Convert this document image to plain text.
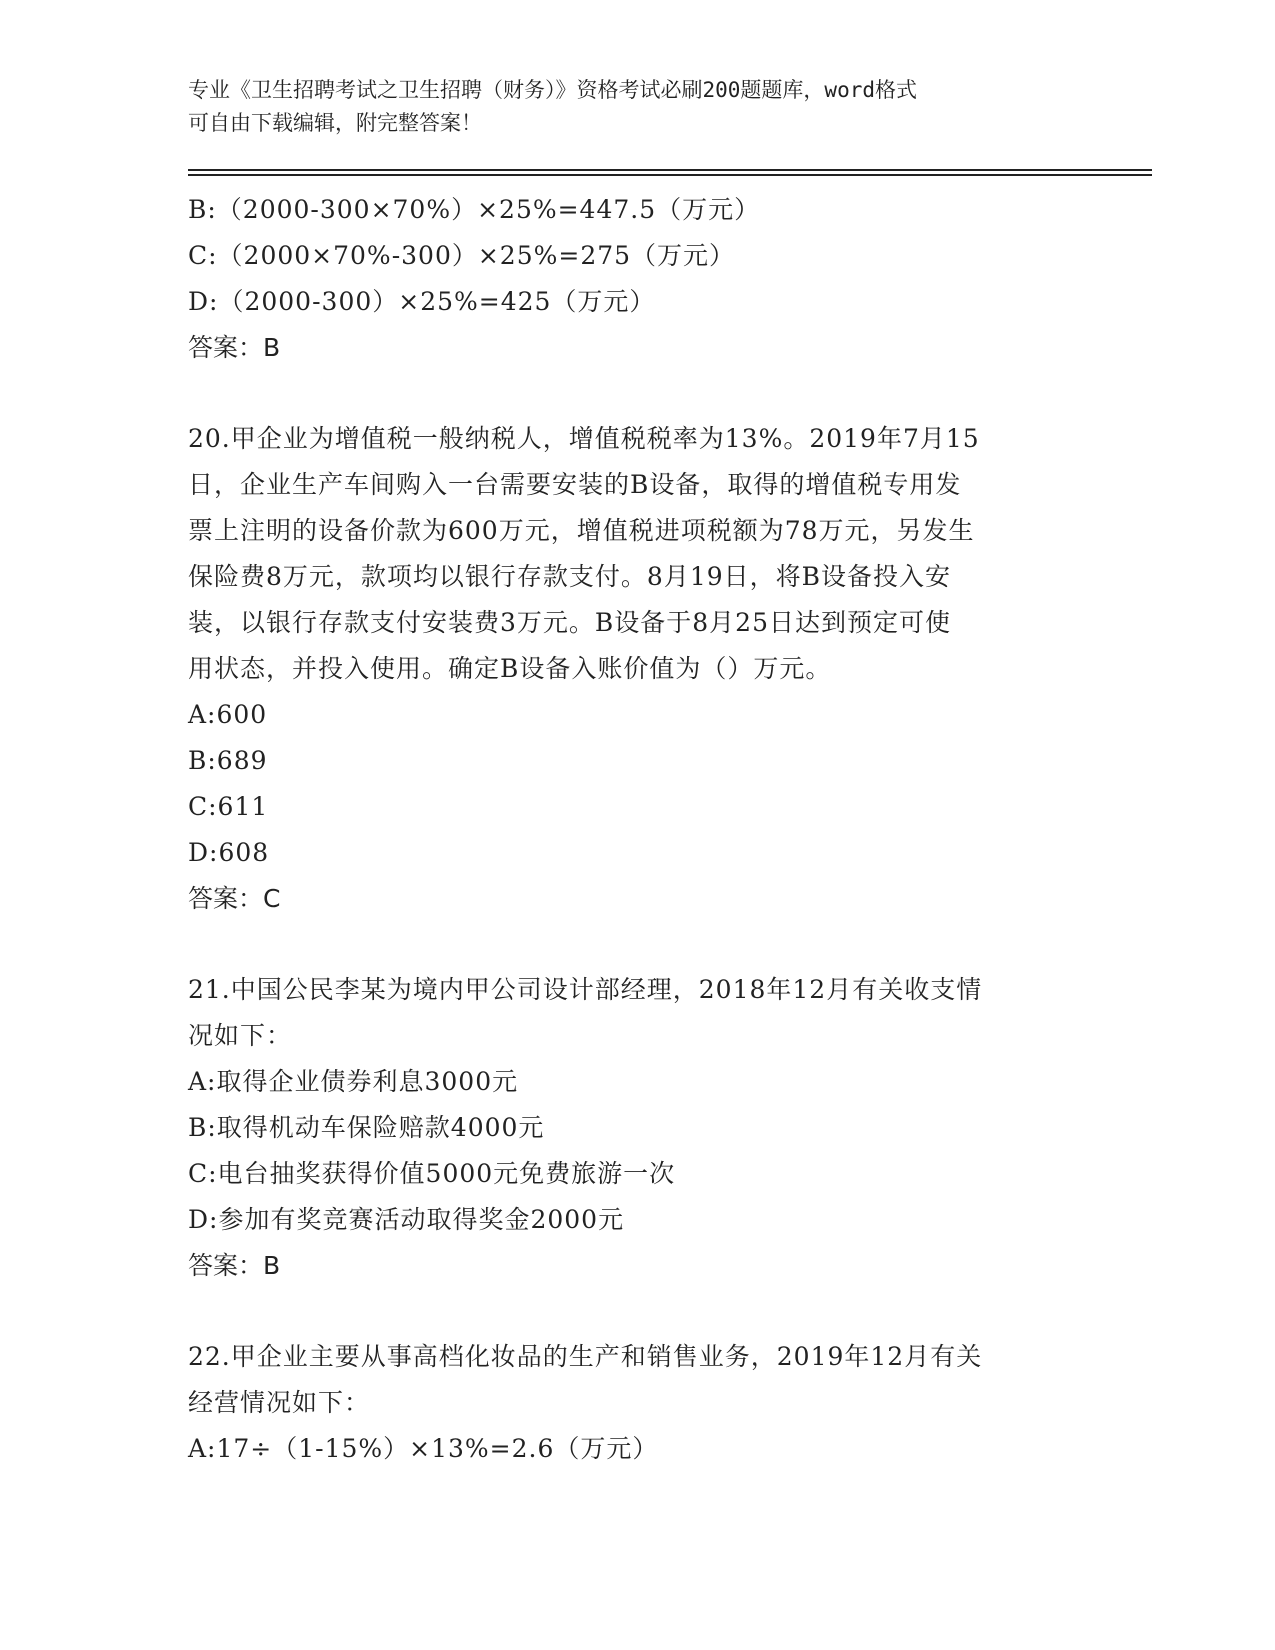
专业《卫生招聘考试之卫生招聘（财务）》资格考试必刷200题题库，word格式
可自由下载编辑，附完整答案！
B:（2000-300×70%）×25%=447.5（万元）
C:（2000×70%-300）×25%=275（万元）
D:（2000-300）×25%=425（万元）
答案：B
20.甲企业为增值税一般纳税人，增值税税率为13%。2019年7月15
日，企业生产车间购入一台需要安装的B设备，取得的增值税专用发
票上注明的设备价款为600万元，增值税进项税额为78万元，另发生
保险费8万元，款项均以银行存款支付。8月19日，将B设备投入安
装，以银行存款支付安装费3万元。B设备于8月25日达到预定可使
用状态，并投入使用。确定B设备入账价值为（）万元。
A:600
B:689
C:611
D:608
答案：C
21.中国公民李某为境内甲公司设计部经理，2018年12月有关收支情
况如下：
A:取得企业债券利息3000元
B:取得机动车保险赔款4000元
C:电台抽奖获得价值5000元免费旅游一次
D:参加有奖竞赛活动取得奖金2000元
答案：B
22.甲企业主要从事高档化妆品的生产和销售业务，2019年12月有关
经营情况如下：
A:17÷（1-15%）×13%=2.6（万元）
